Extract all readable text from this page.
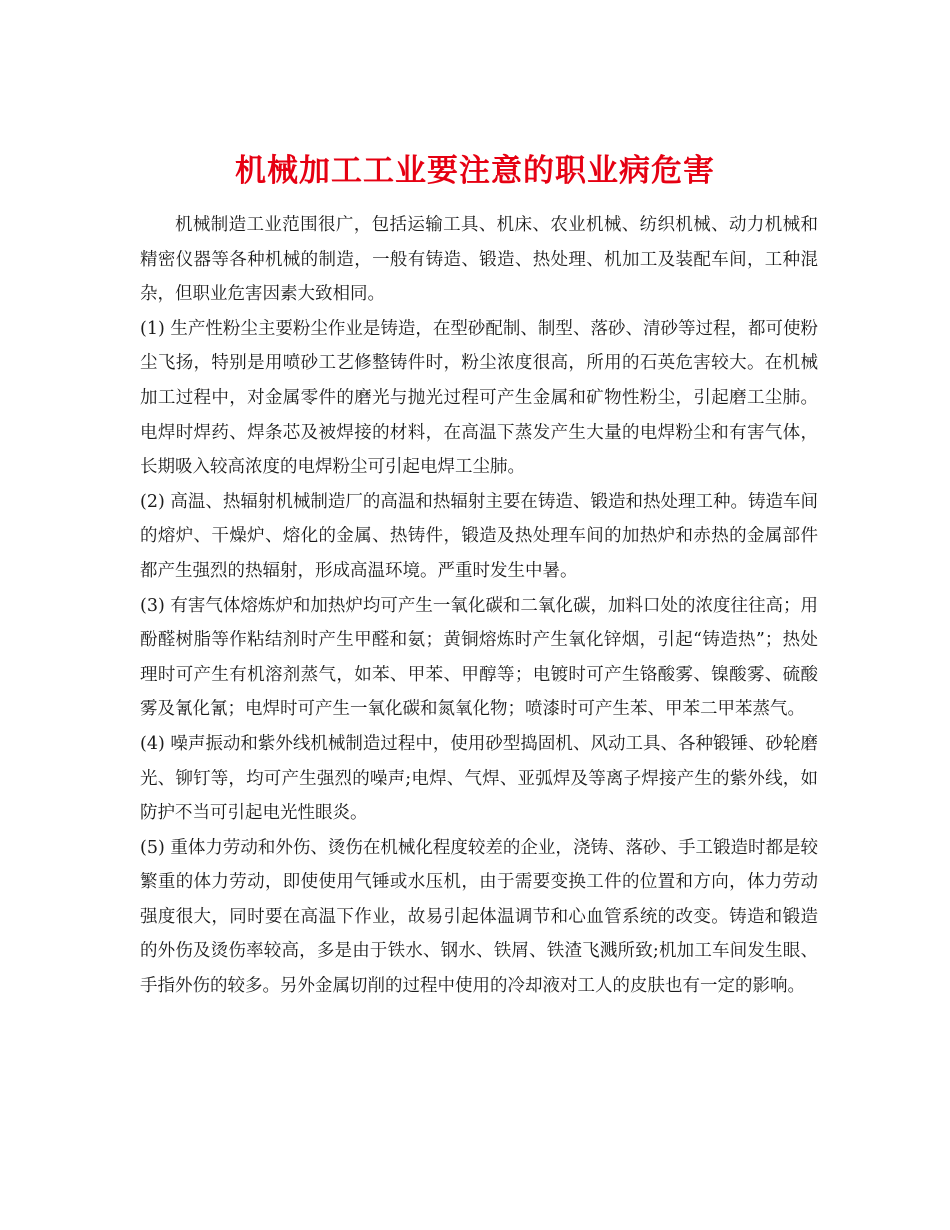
机械加工工业要注意的职业病危害

机械制造工业范围很广，包括运输工具、机床、农业机械、纺织机械、动力机械和精密仪器等各种机械的制造，一般有铸造、锻造、热处理、机加工及装配车间，工种混杂，但职业危害因素大致相同。

(1) 生产性粉尘主要粉尘作业是铸造，在型砂配制、制型、落砂、清砂等过程，都可使粉尘飞扬，特别是用喷砂工艺修整铸件时，粉尘浓度很高，所用的石英危害较大。在机械加工过程中，对金属零件的磨光与抛光过程可产生金属和矿物性粉尘，引起磨工尘肺。电焊时焊药、焊条芯及被焊接的材料，在高温下蒸发产生大量的电焊粉尘和有害气体，长期吸入较高浓度的电焊粉尘可引起电焊工尘肺。

(2) 高温、热辐射机械制造厂的高温和热辐射主要在铸造、锻造和热处理工种。铸造车间的熔炉、干燥炉、熔化的金属、热铸件，锻造及热处理车间的加热炉和赤热的金属部件都产生强烈的热辐射，形成高温环境。严重时发生中暑。

(3) 有害气体熔炼炉和加热炉均可产生一氧化碳和二氧化碳，加料口处的浓度往往高；用酚醛树脂等作粘结剂时产生甲醛和氨；黄铜熔炼时产生氧化锌烟，引起“铸造热”；热处理时可产生有机溶剂蒸气，如苯、甲苯、甲醇等；电镀时可产生铬酸雾、镍酸雾、硫酸雾及氰化氰；电焊时可产生一氧化碳和氮氧化物；喷漆时可产生苯、甲苯二甲苯蒸气。

(4) 噪声振动和紫外线机械制造过程中，使用砂型捣固机、风动工具、各种锻锤、砂轮磨光、铆钉等，均可产生强烈的噪声;电焊、气焊、亚弧焊及等离子焊接产生的紫外线，如防护不当可引起电光性眼炎。

(5) 重体力劳动和外伤、烫伤在机械化程度较差的企业，浇铸、落砂、手工锻造时都是较繁重的体力劳动，即使使用气锤或水压机，由于需要变换工件的位置和方向，体力劳动强度很大，同时要在高温下作业，故易引起体温调节和心血管系统的改变。铸造和锻造的外伤及烫伤率较高，多是由于铁水、钢水、铁屑、铁渣飞溅所致;机加工车间发生眼、手指外伤的较多。另外金属切削的过程中使用的冷却液对工人的皮肤也有一定的影响。
